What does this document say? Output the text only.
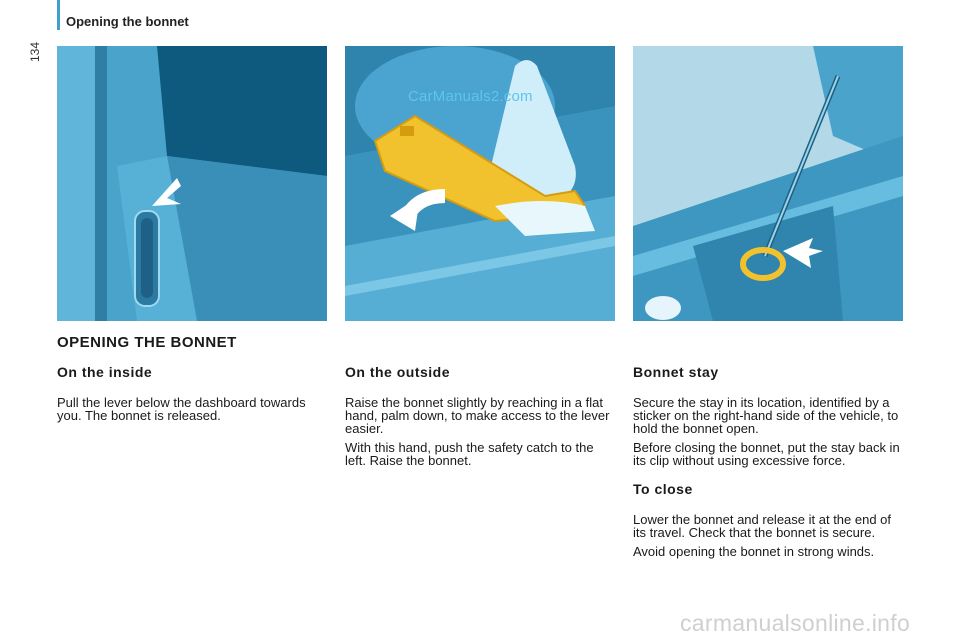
Opening the bonnet
134
CarManuals2.com
OPENING THE BONNET
On the inside

Pull the lever below the dashboard towards you. The bonnet is released.

On the outside

Raise the bonnet slightly by reaching in a flat hand, palm down, to make access to the lever easier.

With this hand, push the safety catch to the left. Raise the bonnet.

Bonnet stay

Secure the stay in its location, identified by a sticker on the right-hand side of the vehicle, to hold the bonnet open.

Before closing the bonnet, put the stay back in its clip without using excessive force.

To close

Lower the bonnet and release it at the end of its travel. Check that the bonnet is secure.

Avoid opening the bonnet in strong winds.

carmanualsonline.info
